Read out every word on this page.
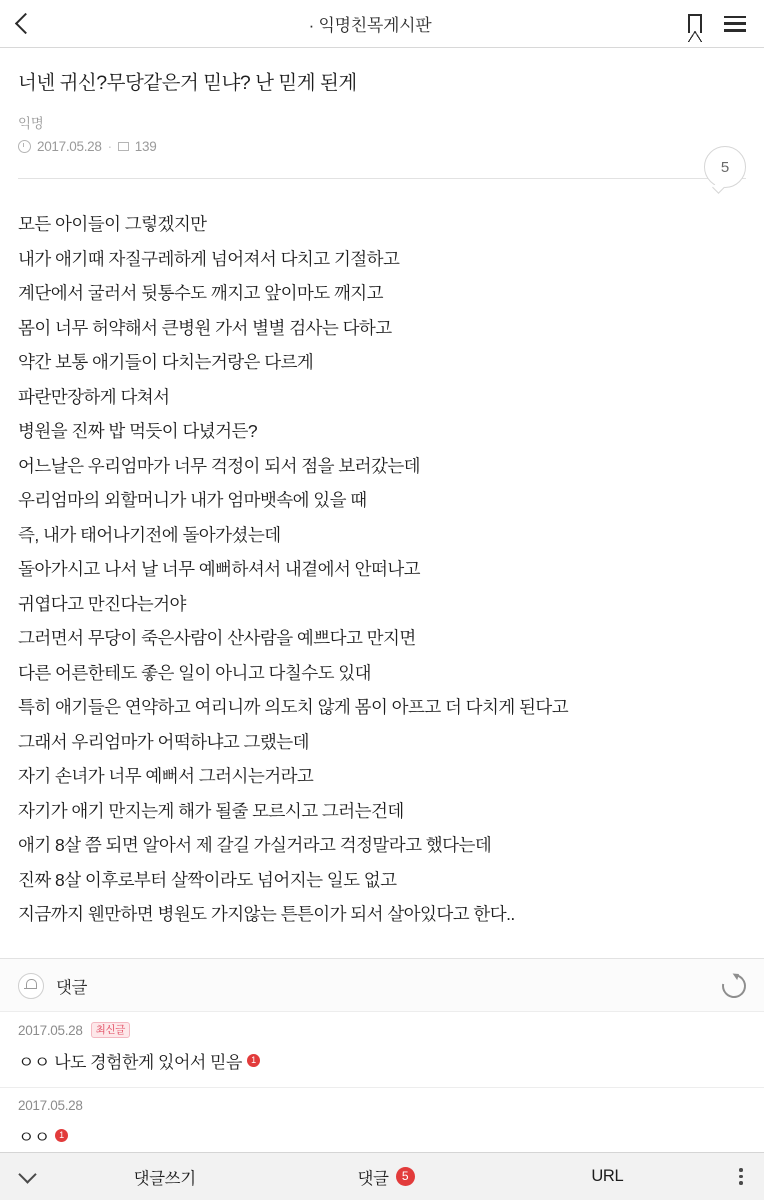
· 익명친목게시판
너넨 귀신?무당같은거 믿냐? 난 믿게 된게
익명
2017.05.28 · 139
5

모든 아이들이 그렇겠지만

내가 애기때 자질구레하게 넘어져서 다치고 기절하고

계단에서 굴러서 뒷통수도 깨지고 앞이마도 깨지고

몸이 너무 허약해서 큰병원 가서 별별 검사는 다하고

약간 보통 애기들이 다치는거랑은 다르게

파란만장하게 다쳐서

병원을 진짜 밥 먹듯이 다녔거든?

어느날은 우리엄마가 너무 걱정이 되서 점을 보러갔는데

우리엄마의 외할머니가 내가 엄마뱃속에 있을 때

즉, 내가 태어나기전에 돌아가셨는데

돌아가시고 나서 날 너무 예뻐하셔서 내곁에서 안떠나고

귀엽다고 만진다는거야

그러면서 무당이 죽은사람이 산사람을 예쁘다고 만지면

다른 어른한테도 좋은 일이 아니고 다칠수도 있대

특히 애기들은 연약하고 여리니까 의도치 않게 몸이 아프고 더 다치게 된다고

그래서 우리엄마가 어떡하냐고 그랬는데

자기 손녀가 너무 예뻐서 그러시는거라고

자기가 애기 만지는게 해가 될줄 모르시고 그러는건데

애기 8살 쯤 되면 알아서 제 갈길 가실거라고 걱정말라고 했다는데

진짜 8살 이후로부터 살짝이라도 넘어지는 일도 없고

지금까지 웬만하면 병원도 가지않는 튼튼이가 되서 살아있다고 한다..

댓글
2017.05.28	최신글
ㅇㅇ 나도 경험한게 있어서 믿음	1
2017.05.28
ㅇㅇ	1
댓글쓰기	댓글	5	URL
